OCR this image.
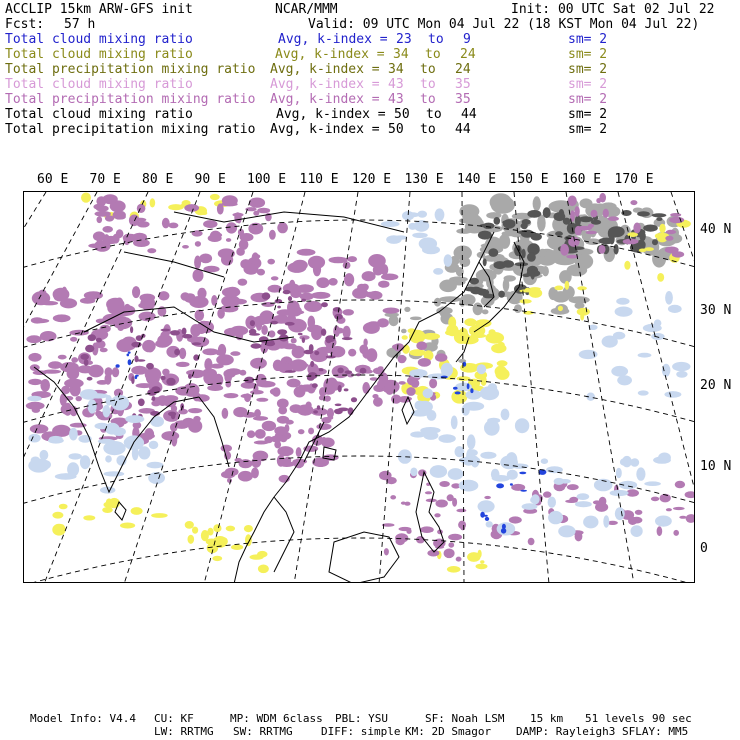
ACCLIP 15km ARW-GFS init	NCAR/MMM	Init: 00 UTC Sat 02 Jul 22
Fcst: 57 h	Valid: 09 UTC Mon 04 Jul 22 (18 KST Mon 04 Jul 22)
Total cloud mixing ratio	Avg, k-index = 23 to 9	sm= 2
Total cloud mixing ratio	Avg, k-index = 34 to 24	sm= 2
Total precipitation mixing ratio Avg, k-index = 34 to 24	sm= 2
Total cloud mixing ratio	Avg, k-index = 43 to 35	sm= 2
Total precipitation mixing ratio Avg, k-index = 43 to 35	sm= 2
Total cloud mixing ratio	Avg, k-index = 50 to 44	sm= 2
Total precipitation mixing ratio Avg, k-index = 50 to 44	sm= 2
60 E 70 E 80 E 90 E 100 E 110 E 120 E 130 E 140 E 150 E 160 E 170 E
40 N
30 N
20 N
10 N
0
Model Info: V4.4 CU: KF	MP: WDM 6class PBL: YSU	SF: Noah LSM 15 km 51 levels 90 sec
LW: RRTMG SW: RRTMG	DIFF: simple KM: 2D Smagor DAMP: Rayleigh3 SFLAY: MM5
